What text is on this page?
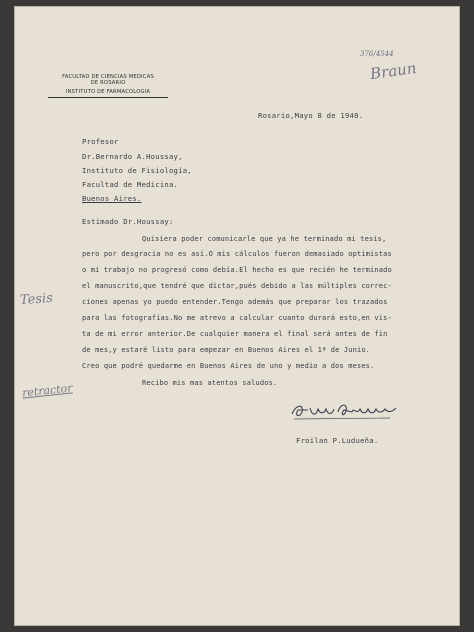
FACULTAD DE CIENCIAS MEDICAS
DE ROSARIO
INSTITUTO DE FARMACOLOGIA
376/4544
Braun
Tesis
retractor
Rosario,Mayo 8 de 1940.
Profesor
Dr.Bernardo A.Houssay,
Instituto de Fisiología,
Facultad de Medicina.
Buenos Aires.
Estimado Dr.Houssay:
Quisiera poder comunicarle que ya he terminado mi tesis,
pero por desgracia no es así.O mis cálculos fueron demasiado optimistas
o mi trabajo no progresó como debía.El hecho es que recién he terminado
el manuscrito,que tendré que dictar,pués debido a las múltiples correc-
ciones apenas yo puedo entender.Tengo además que preparar los trazados
para las fotografías.No me atrevo a calcular cuanto durará esto,en vis-
ta de mi error anterior.De cualquier manera el final será antes de fin
de mes,y estaré listo para empezar en Buenos Aires el 1ª de Junio.
Creo que podré quedarme en Buenos Aires de uno y medio a dos meses.
Recibo mis mas atentos saludos.
Froilan P.Ludueña.
